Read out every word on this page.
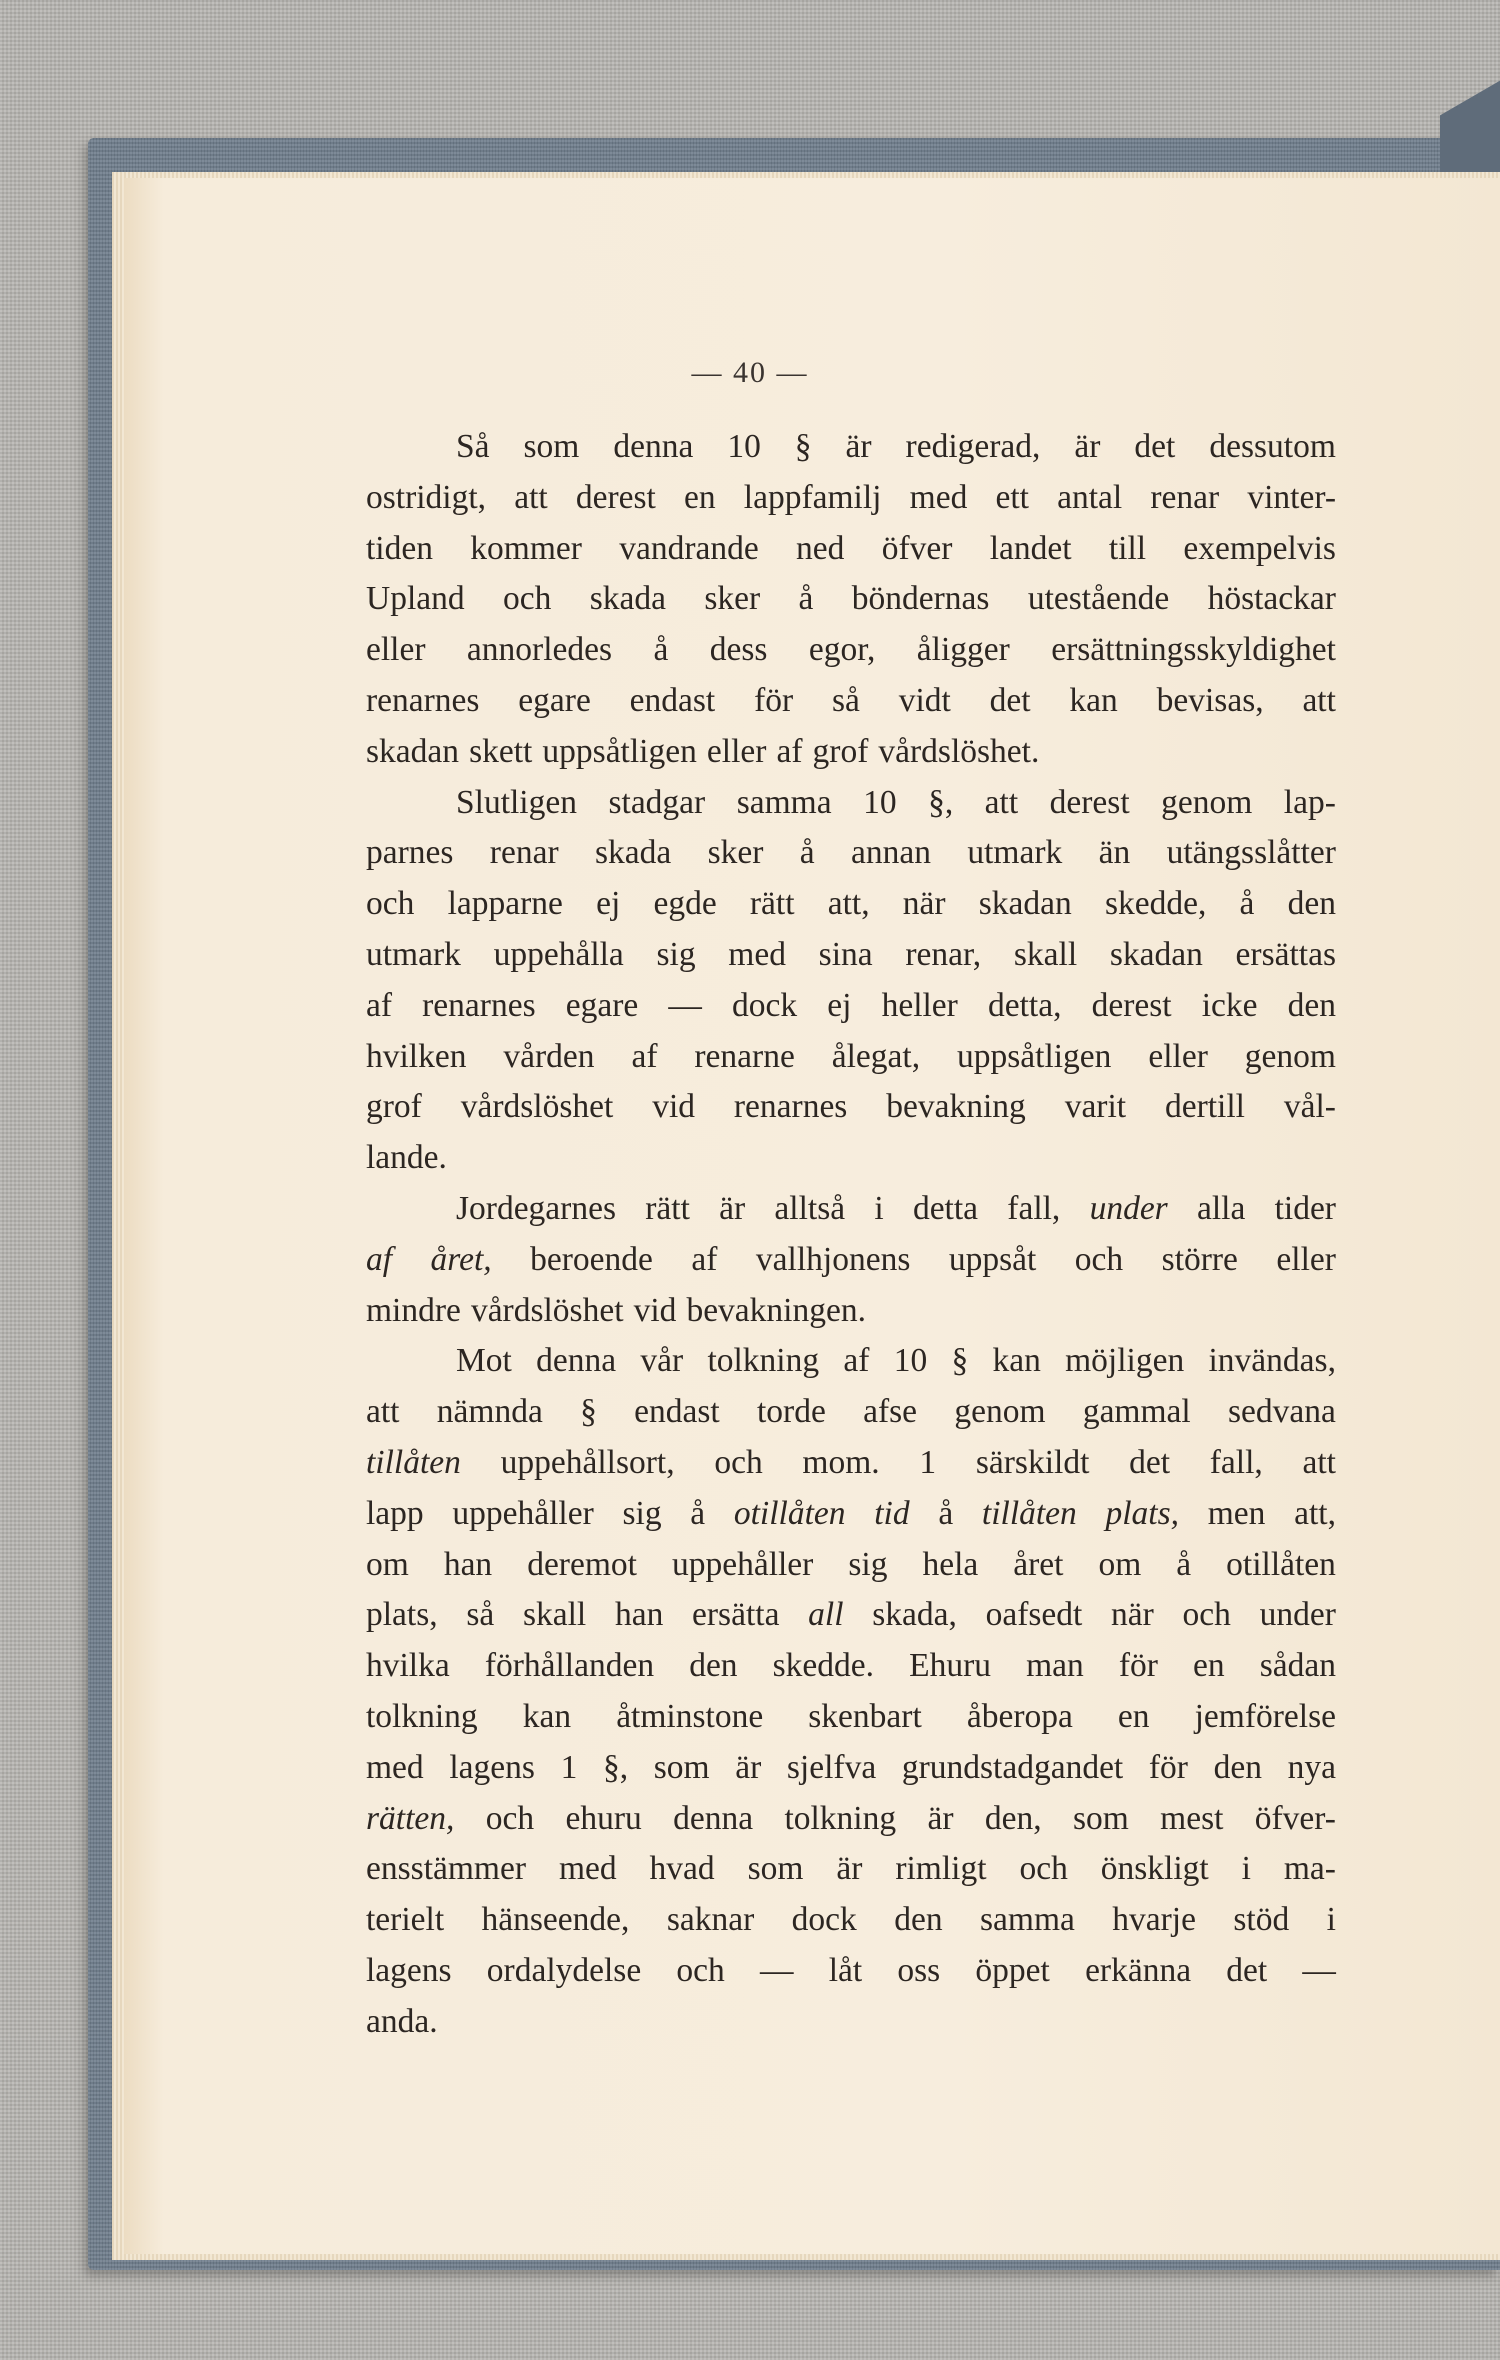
— 40 —
Så som denna 10 § är redigerad, är det dessutom
ostridigt, att derest en lappfamilj med ett antal renar vinter-
tiden kommer vandrande ned öfver landet till exempelvis
Upland och skada sker å böndernas utestående höstackar
eller annorledes å dess egor, åligger ersättningsskyldighet
renarnes egare endast för så vidt det kan bevisas, att
skadan skett uppsåtligen eller af grof vårdslöshet.
Slutligen stadgar samma 10 §, att derest genom lap-
parnes renar skada sker å annan utmark än utängsslåtter
och lapparne ej egde rätt att, när skadan skedde, å den
utmark uppehålla sig med sina renar, skall skadan ersättas
af renarnes egare — dock ej heller detta, derest icke den
hvilken vården af renarne ålegat, uppsåtligen eller genom
grof vårdslöshet vid renarnes bevakning varit dertill vål-
lande.
Jordegarnes rätt är alltså i detta fall, under alla tider
af året, beroende af vallhjonens uppsåt och större eller
mindre vårdslöshet vid bevakningen.
Mot denna vår tolkning af 10 § kan möjligen invändas,
att nämnda § endast torde afse genom gammal sedvana
tillåten uppehållsort, och mom. 1 särskildt det fall, att
lapp uppehåller sig å otillåten tid å tillåten plats, men att,
om han deremot uppehåller sig hela året om å otillåten
plats, så skall han ersätta all skada, oafsedt när och under
hvilka förhållanden den skedde. Ehuru man för en sådan
tolkning kan åtminstone skenbart åberopa en jemförelse
med lagens 1 §, som är sjelfva grundstadgandet för den nya
rätten, och ehuru denna tolkning är den, som mest öfver-
ensstämmer med hvad som är rimligt och önskligt i ma-
terielt hänseende, saknar dock den samma hvarje stöd i
lagens ordalydelse och — låt oss öppet erkänna det —
anda.
